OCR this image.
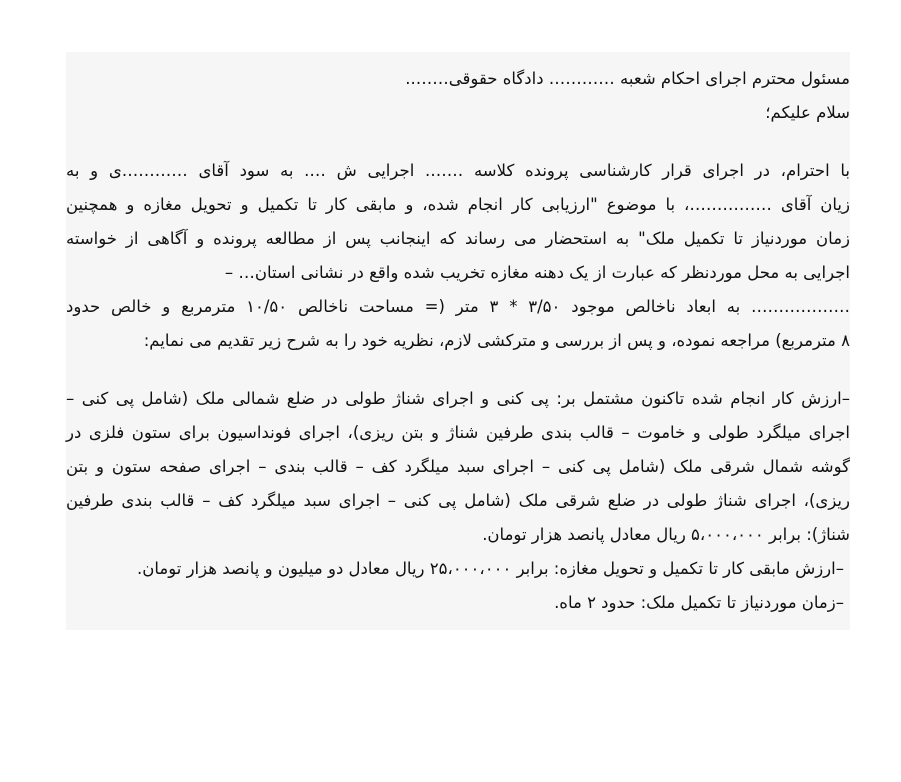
مسئول محترم اجرای احکام شعبه ………… دادگاه حقوقی……..

سلام علیکم؛

با احترام، در اجرای قرار کارشناسی پرونده کلاسه ……. اجرایی ش …. به سود آقای …………ی و به

زیان آقای ……………، با موضوع "ارزیابی کار انجام شده، و مابقی کار تا تکمیل و تحویل مغازه و همچنین

زمان موردنیاز تا تکمیل ملک" به استحضار می رساند که اینجانب پس از مطالعه پرونده و آگاهی از خواسته

اجرایی به محل موردنظر که عبارت از یک دهنه مغازه تخریب شده واقع در نشانی استان… –

……………… به ابعاد ناخالص موجود ۳/۵۰ * ۳ متر (= مساحت ناخالص ۱۰/۵۰ مترمربع و خالص حدود

۸ مترمربع) مراجعه نموده، و پس از بررسی و مترکشی لازم، نظریه خود را به شرح زیر تقدیم می نمایم:

–ارزش کار انجام شده تاکنون مشتمل بر: پی کنی و اجرای شناژ طولی در ضلع شمالی ملک (شامل پی کنی –

اجرای میلگرد طولی و خاموت – قالب بندی طرفین شناژ و بتن ریزی)، اجرای فونداسیون برای ستون فلزی در

گوشه شمال شرقی ملک (شامل پی کنی – اجرای سبد میلگرد کف – قالب بندی – اجرای صفحه ستون و بتن

ریزی)، اجرای شناژ طولی در ضلع شرقی ملک (شامل پی کنی – اجرای سبد میلگرد کف – قالب بندی طرفین

شناژ): برابر ۵،۰۰۰،۰۰۰ ریال معادل پانصد هزار تومان.

–ارزش مابقی کار تا تکمیل و تحویل مغازه: برابر ۲۵،۰۰۰،۰۰۰ ریال معادل دو میلیون و پانصد هزار تومان.

–زمان موردنیاز تا تکمیل ملک: حدود ۲ ماه.
